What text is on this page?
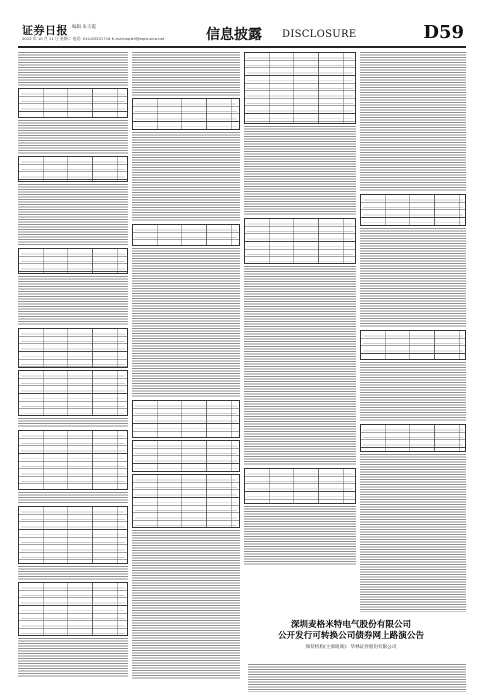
证券日报 编辑 朱玉霞
2022 年 10 月 11 日 星期二 电话: 010-83251716 E-mail:zqrb9@zqrb.sina.net	信息披露 DISCLOSURE	D59
深圳麦格米特电气股份有限公司
公开发行可转换公司债券网上路演公告
保荐机构(主承销商)：华林证券股份有限公司
